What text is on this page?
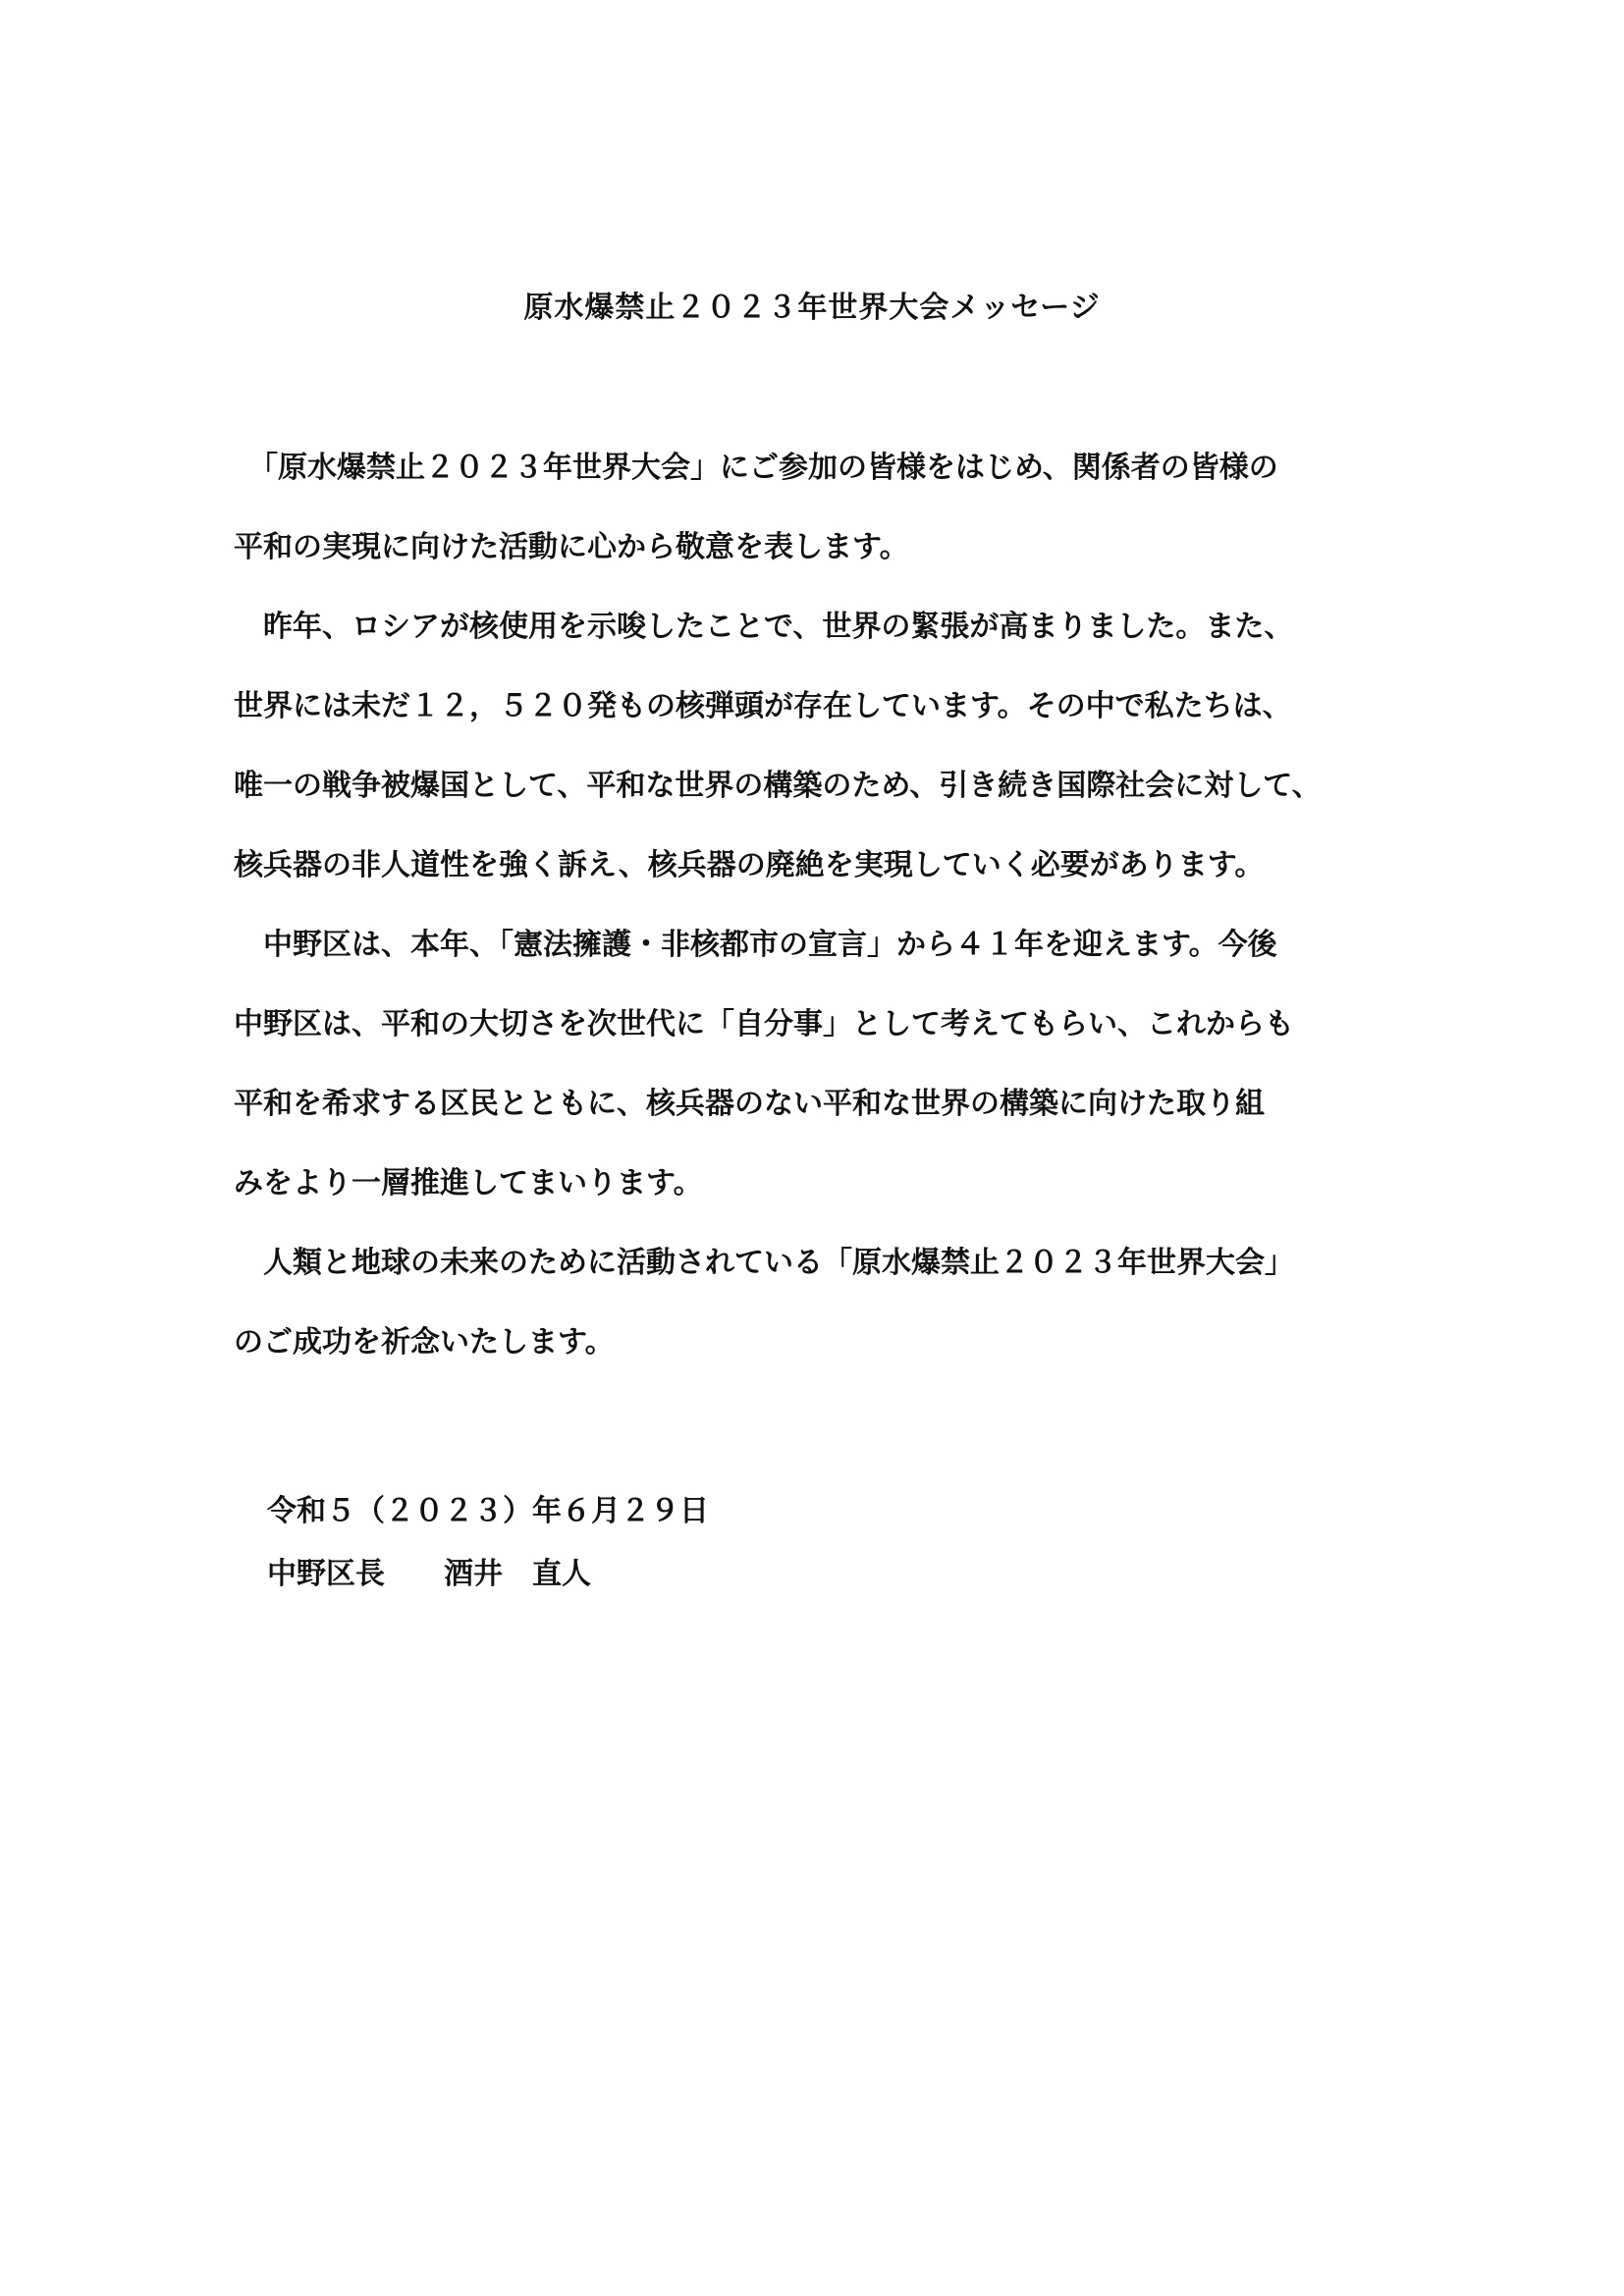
原水爆禁止２０２３年世界大会メッセージ
　「原水爆禁止２０２３年世界大会」にご参加の皆様をはじめ、関係者の皆様の
平和の実現に向けた活動に心から敬意を表します。
　昨年、ロシアが核使用を示唆したことで、世界の緊張が高まりました。また、
世界には未だ１２，５２０発もの核弾頭が存在しています。その中で私たちは、
唯一の戦争被爆国として、平和な世界の構築のため、引き続き国際社会に対して、
核兵器の非人道性を強く訴え、核兵器の廃絶を実現していく必要があります。
　中野区は、本年、「憲法擁護・非核都市の宣言」から４１年を迎えます。今後
中野区は、平和の大切さを次世代に「自分事」として考えてもらい、これからも
平和を希求する区民とともに、核兵器のない平和な世界の構築に向けた取り組
みをより一層推進してまいります。
　人類と地球の未来のために活動されている「原水爆禁止２０２３年世界大会」
のご成功を祈念いたします。
令和５（２０２３）年６月２９日
中野区長　　酒井　直人
